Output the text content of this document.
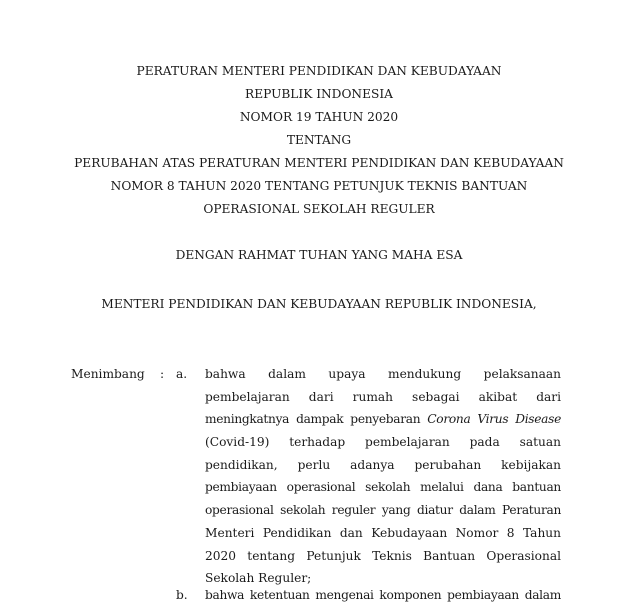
PERATURAN MENTERI PENDIDIKAN DAN KEBUDAYAAN
REPUBLIK INDONESIA
NOMOR 19 TAHUN 2020
TENTANG
PERUBAHAN ATAS PERATURAN MENTERI PENDIDIKAN DAN KEBUDAYAAN
NOMOR 8 TAHUN 2020 TENTANG PETUNJUK TEKNIS BANTUAN
OPERASIONAL SEKOLAH REGULER
DENGAN RAHMAT TUHAN YANG MAHA ESA
MENTERI PENDIDIKAN DAN KEBUDAYAAN REPUBLIK INDONESIA,
Menimbang : a. bahwa dalam upaya mendukung pelaksanaan
pembelajaran dari rumah sebagai akibat dari
meningkatnya dampak penyebaran Corona Virus Disease
(Covid-19) terhadap pembelajaran pada satuan
pendidikan, perlu adanya perubahan kebijakan
pembiayaan operasional sekolah melalui dana bantuan
operasional sekolah reguler yang diatur dalam Peraturan
Menteri Pendidikan dan Kebudayaan Nomor 8 Tahun
2020 tentang Petunjuk Teknis Bantuan Operasional
Sekolah Reguler;
b. bahwa ketentuan mengenai komponen pembiayaan dalam
